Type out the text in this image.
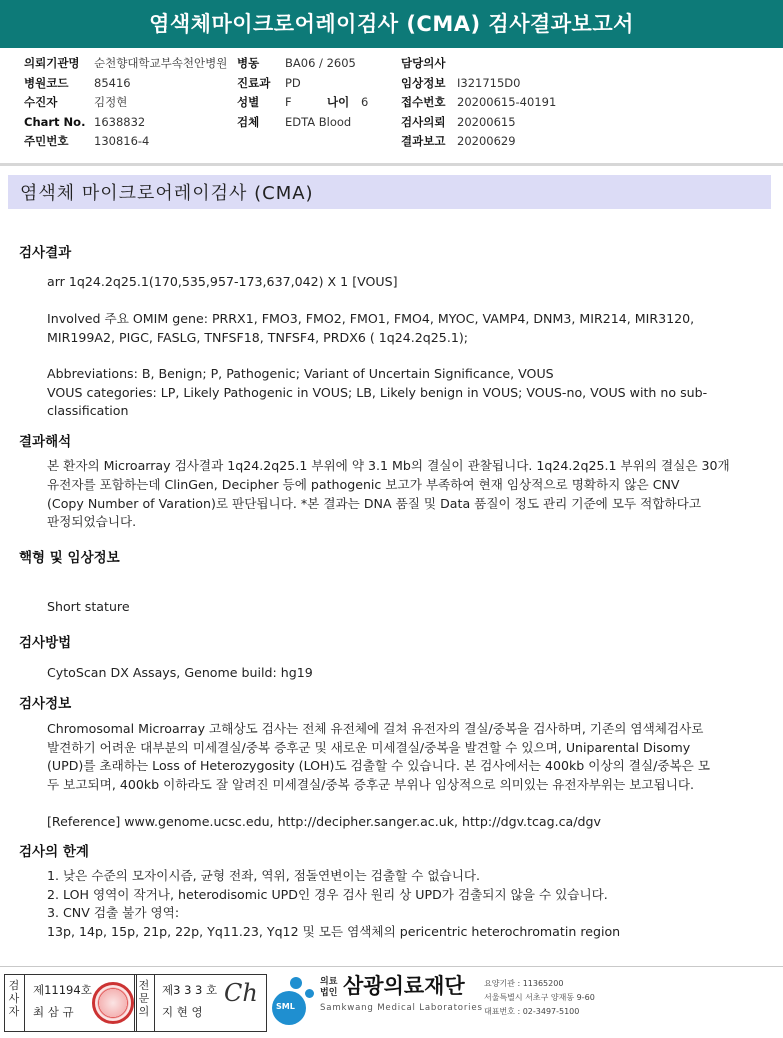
염색체마이크로어레이검사 (CMA) 검사결과보고서
의뢰기관명 순천향대학교부속천안병원
병원코드 85416
수진자	김정현
Chart No. 1638832
주민번호 130816-4
병동 BA06 / 2605
진료과 PD
성별 F	나이 6
검체 EDTA Blood
담당의사
임상정보 I321715D0
접수번호 20200615-40191
검사의뢰 20200615
결과보고 20200629
염색체 마이크로어레이검사 (CMA)
검사결과
arr 1q24.2q25.1(170,535,957-173,637,042) X 1 [VOUS]
Involved 주요 OMIM gene: PRRX1, FMO3, FMO2, FMO1, FMO4, MYOC, VAMP4, DNM3, MIR214, MIR3120,
MIR199A2, PIGC, FASLG, TNFSF18, TNFSF4, PRDX6 ( 1q24.2q25.1);
Abbreviations: B, Benign; P, Pathogenic; Variant of Uncertain Significance, VOUS
VOUS categories: LP, Likely Pathogenic in VOUS; LB, Likely benign in VOUS; VOUS-no, VOUS with no sub-
classification
결과해석
본 환자의 Microarray 검사결과 1q24.2q25.1 부위에 약 3.1 Mb의 결실이 관찰됩니다. 1q24.2q25.1 부위의 결실은 30개
유전자를 포함하는데 ClinGen, Decipher 등에 pathogenic 보고가 부족하여 현재 임상적으로 명확하지 않은 CNV
(Copy Number of Varation)로 판단됩니다. *본 결과는 DNA 품질 및 Data 품질이 정도 관리 기준에 모두 적합하다고
판정되었습니다.
핵형 및 임상정보
Short stature
검사방법
CytoScan DX Assays, Genome build: hg19
검사정보
Chromosomal Microarray 고해상도 검사는 전체 유전체에 걸쳐 유전자의 결실/중복을 검사하며, 기존의 염색체검사로
발견하기 어려운 대부분의 미세결실/중복 증후군 및 새로운 미세결실/중복을 발견할 수 있으며, Uniparental Disomy
(UPD)를 초래하는 Loss of Heterozygosity (LOH)도 검출할 수 있습니다. 본 검사에서는 400kb 이상의 결실/중복은 모
두 보고되며, 400kb 이하라도 잘 알려진 미세결실/중복 증후군 부위나 임상적으로 의미있는 유전자부위는 보고됩니다.
[Reference] www.genome.ucsc.edu, http://decipher.sanger.ac.uk, http://dgv.tcag.ca/dgv
검사의 한계
1. 낮은 수준의 모자이시즘, 균형 전좌, 역위, 점돌연변이는 검출할 수 없습니다.
2. LOH 영역이 작거나, heterodisomic UPD인 경우 검사 원리 상 UPD가 검출되지 않을 수 있습니다.
3. CNV 검출 불가 영역:
13p, 14p, 15p, 21p, 22p, Yq11.23, Yq12 및 모든 염색체의 pericentric heterochromatin region
검
사
자
제11194호
최 삼 규
전
문
의
제3 3 3 호
지 현 영
Ch SML
의료
법인 삼광의료재단
Samkwang Medical Laboratories
요양기관 : 11365200
서울특별시 서초구 양재동 9-60
대표번호 : 02-3497-5100
